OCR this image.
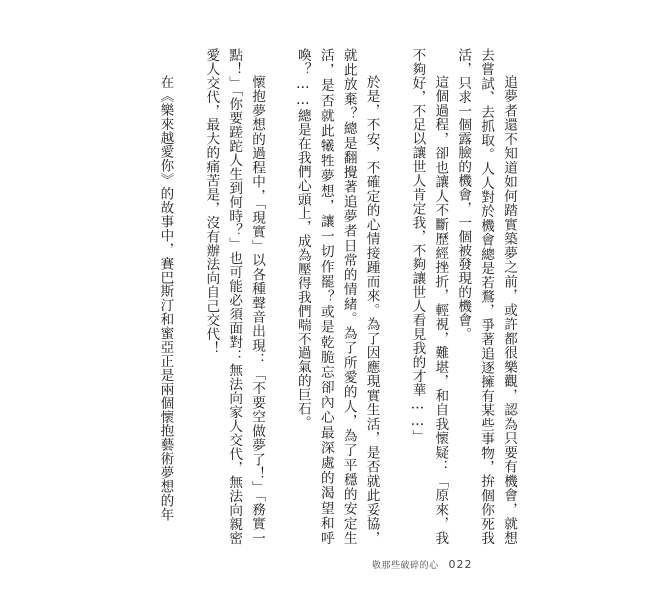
追夢者還不知道如何踏實築夢之前，或許都很樂觀，認為只要有機會，就想去嘗試、去抓取。人人對於機會總是若鶩，爭著追逐擁有某些事物，拚個你死我活，只求一個露臉的機會，一個被發現的機會。

這個過程，卻也讓人不斷歷經挫折，輕視，難堪，和自我懷疑：「原來，我不夠好，不足以讓世人肯定我，不夠讓世人看見我的才華……」

於是，不安，不確定的心情接踵而來。為了因應現實生活，是否就此妥協，就此放棄？總是翻攪著追夢者日常的情緒。為了所愛的人，為了平穩的安定生活，是否就此犧牲夢想，讓一切作罷？或是乾脆忘卻內心最深處的渴望和呼喚？……總是在我們心頭上，成為壓得我們喘不過氣的巨石。

懷抱夢想的過程中，「現實」以各種聲音出現：「不要空做夢了！」「務實一點！」「你要蹉跎人生到何時？」也可能必須面對：無法向家人交代，無法向親密愛人交代，最大的痛苦是，沒有辦法向自己交代！

在《樂來越愛你》的故事中，賽巴斯汀和蜜亞正是兩個懷抱藝術夢想的年

敬那些破碎的心 022
